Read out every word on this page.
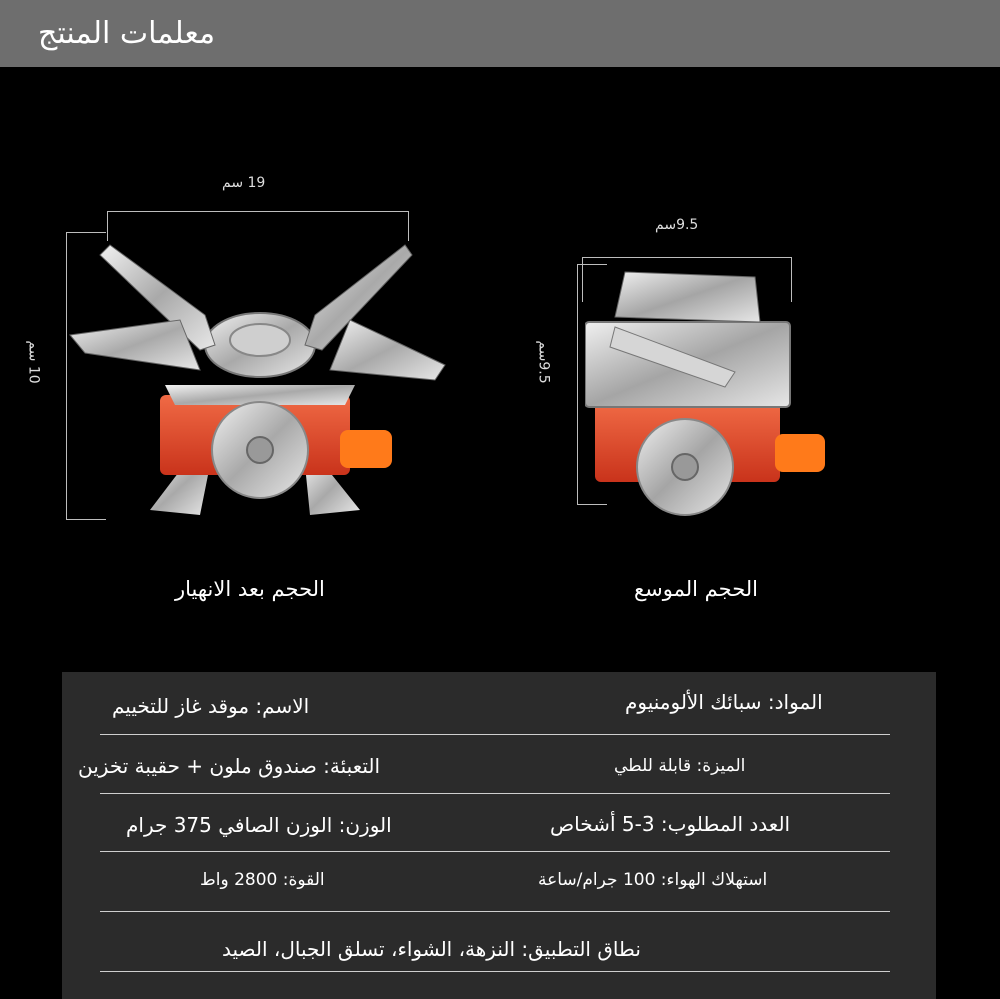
معلمات المنتج
19 سم
10 سم
9.5سم
9.5سم
الحجم بعد الانهيار	الحجم الموسع
الاسم: موقد غاز للتخييم	المواد: سبائك الألومنيوم
التعبئة: صندوق ملون + حقيبة تخزين	الميزة: قابلة للطي
الوزن: الوزن الصافي 375 جرام	العدد المطلوب: 3-5 أشخاص
القوة: 2800 واط	استهلاك الهواء: 100 جرام/ساعة
نطاق التطبيق: النزهة، الشواء، تسلق الجبال، الصيد
